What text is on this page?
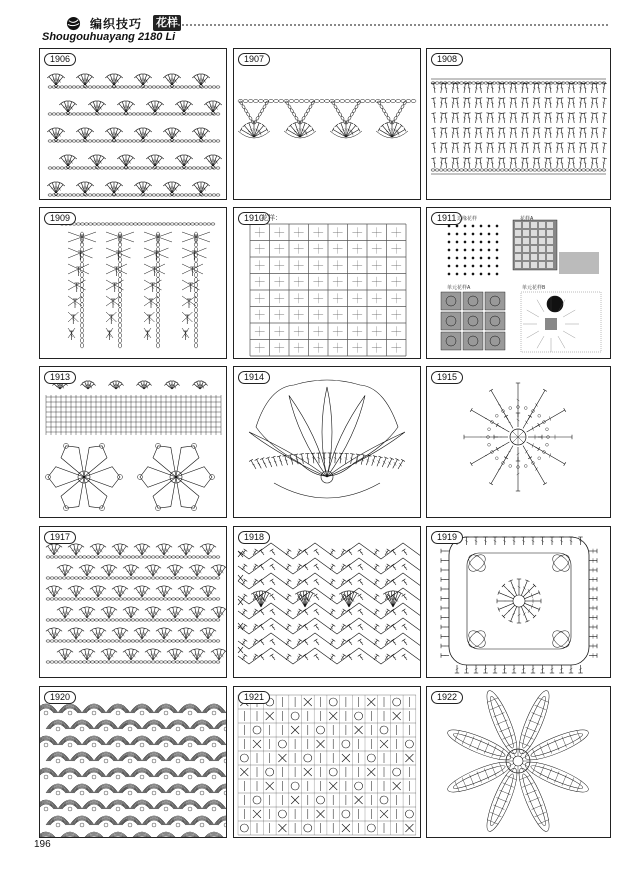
编织技巧 花样
Shougouhuayang 2180 Li
1906	1907	1908
1909	1910
花样：	1911 边缘花样	花样A
单元花样A	单元花样B
1913	1914	1915
1917	1918	1919
1920	1921	1922
196
